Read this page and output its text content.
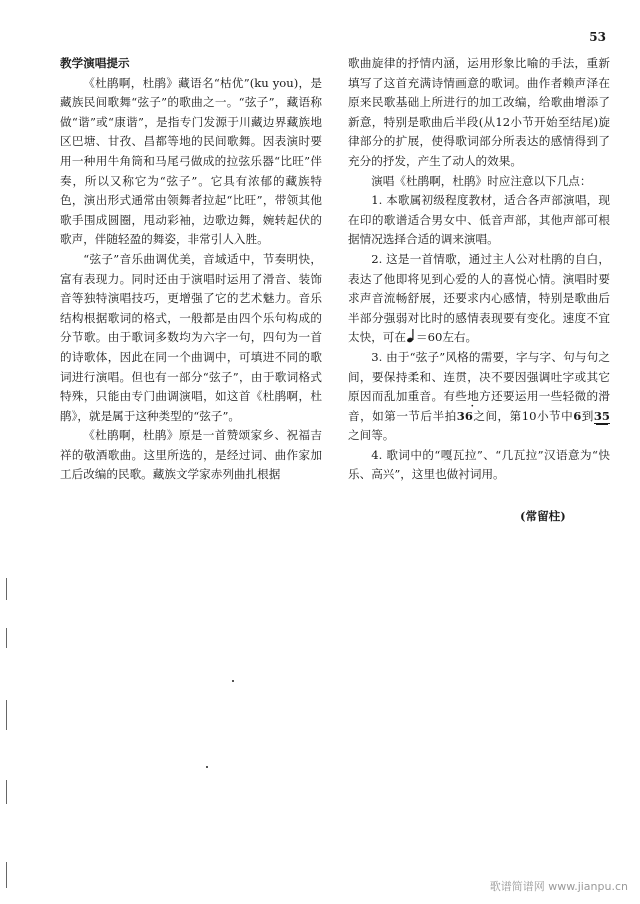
53
教学演唱提示

《杜鹃啊，杜鹃》藏语名“枯优”(ku you)，是藏族民间歌舞“弦子”的歌曲之一。“弦子”，藏语称做“谐”或“康谐”，是指专门发源于川藏边界藏族地区巴塘、甘孜、昌都等地的民间歌舞。因表演时要用一种用牛角筒和马尾弓做成的拉弦乐器“比旺”伴奏，所以又称它为“弦子”。它具有浓郁的藏族特色，演出形式通常由领舞者拉起“比旺”，带领其他歌手围成圆圈，甩动彩袖，边歌边舞，婉转起伏的歌声，伴随轻盈的舞姿，非常引人入胜。

“弦子”音乐曲调优美，音域适中，节奏明快，富有表现力。同时还由于演唱时运用了滑音、装饰音等独特演唱技巧，更增强了它的艺术魅力。音乐结构根据歌词的格式，一般都是由四个乐句构成的分节歌。由于歌词多数均为六字一句，四句为一首的诗歌体，因此在同一个曲调中，可填进不同的歌词进行演唱。但也有一部分“弦子”，由于歌词格式特殊，只能由专门曲调演唱，如这首《杜鹃啊，杜鹃》，就是属于这种类型的“弦子”。

《杜鹃啊，杜鹃》原是一首赞颂家乡、祝福吉祥的敬酒歌曲。这里所选的，是经过词、曲作家加工后改编的民歌。藏族文学家赤列曲扎根据

歌曲旋律的抒情内涵，运用形象比喻的手法，重新填写了这首充满诗情画意的歌词。曲作者赖声泽在原来民歌基础上所进行的加工改编，给歌曲增添了新意，特别是歌曲后半段(从12小节开始至结尾)旋律部分的扩展，使得歌词部分所表达的感情得到了充分的抒发，产生了动人的效果。

演唱《杜鹃啊，杜鹃》时应注意以下几点：

1. 本歌属初级程度教材，适合各声部演唱，现在印的歌谱适合男女中、低音声部，其他声部可根据情况选择合适的调来演唱。

2. 这是一首情歌，通过主人公对杜鹃的自白，表达了他即将见到心爱的人的喜悦心情。演唱时要求声音流畅舒展，还要求内心感情，特别是歌曲后半部分强弱对比时的感情表现要有变化。速度不宜太快，可在 ＝60左右。

3. 由于“弦子”风格的需要，字与字、句与句之间，要保持柔和、连贯，决不要因强调吐字或其它原因而乱加重音。有些地方还要运用一些轻微的滑音，如第一节后半拍
·
36之间，第10小节中6到35之间等。

4. 歌词中的“嘎瓦拉”、“几瓦拉”汉语意为“快乐、高兴”，这里也做衬词用。

(常留柱)
歌谱简谱网 www.jianpu.cn
